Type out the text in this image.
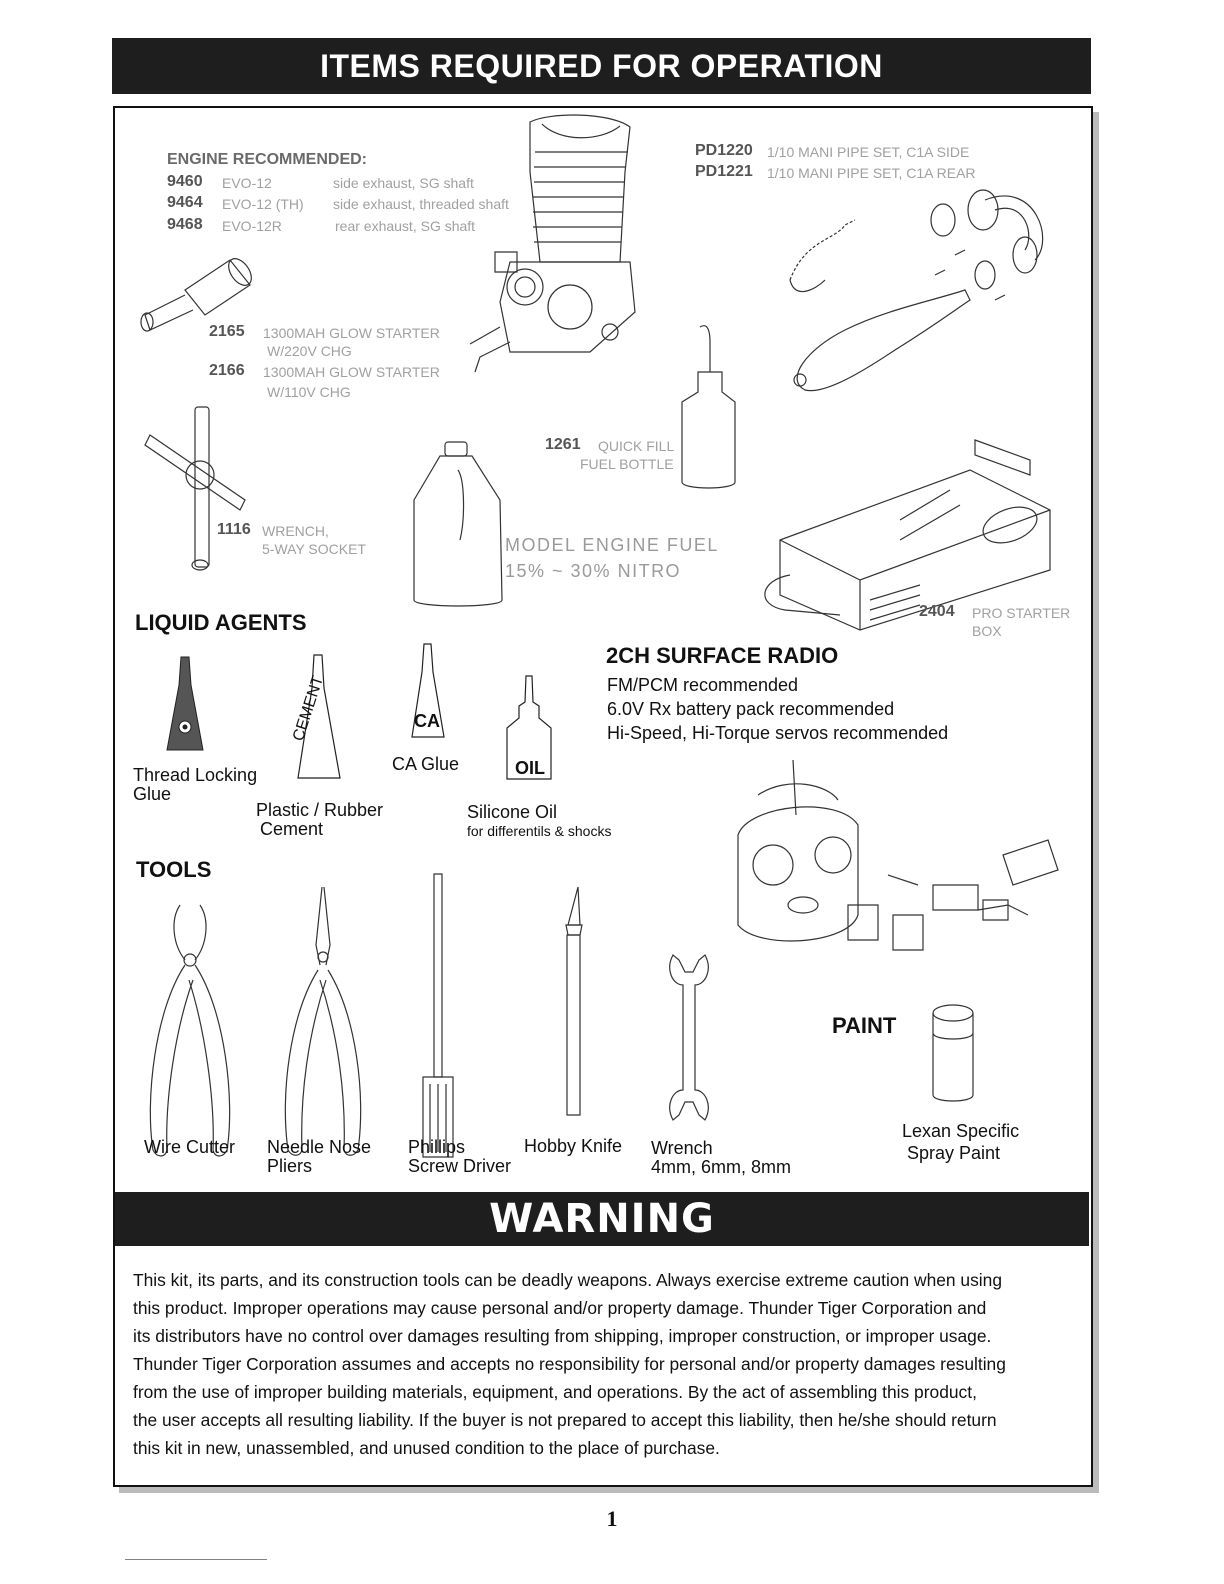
ITEMS REQUIRED FOR OPERATION
ENGINE RECOMMENDED:
9460 EVO-12	side exhaust, SG shaft
9464 EVO-12 (TH) side exhaust, threaded shaft
9468 EVO-12R	rear exhaust, SG shaft
PD1220 1/10 MANI PIPE SET, C1A SIDE
PD1221 1/10 MANI PIPE SET, C1A REAR
2165 1300MAH GLOW STARTER
W/220V CHG
2166 1300MAH GLOW STARTER
W/110V CHG
1116 WRENCH,
5-WAY SOCKET	MODEL ENGINE FUEL
15% ~ 30% NITRO
1261 QUICK FILL
FUEL BOTTLE
2404 PRO STARTER
BOX
LIQUID AGENTS
Thread Locking
Glue
CEMENT
Plastic / Rubber
Cement
CA
CA Glue	OIL
Silicone Oil
for differentils & shocks
2CH SURFACE RADIO
FM/PCM recommended
6.0V Rx battery pack recommended
Hi-Speed, Hi-Torque servos recommended
TOOLS
Wire Cutter Needle Nose
Pliers
Phillips
Screw Driver
Hobby Knife Wrench
4mm, 6mm, 8mm
PAINT
Lexan Specific
Spray Paint
WARNING

This kit, its parts, and its construction tools can be deadly weapons. Always exercise extreme caution when using

this product. Improper operations may cause personal and/or property damage. Thunder Tiger Corporation and

its distributors have no control over damages resulting from shipping, improper construction, or improper usage.

Thunder Tiger Corporation assumes and accepts no responsibility for personal and/or property damages resulting

from the use of improper building materials, equipment, and operations. By the act of assembling this product,

the user accepts all resulting liability. If the buyer is not prepared to accept this liability, then he/she should return

this kit in new, unassembled, and unused condition to the place of purchase.

1
